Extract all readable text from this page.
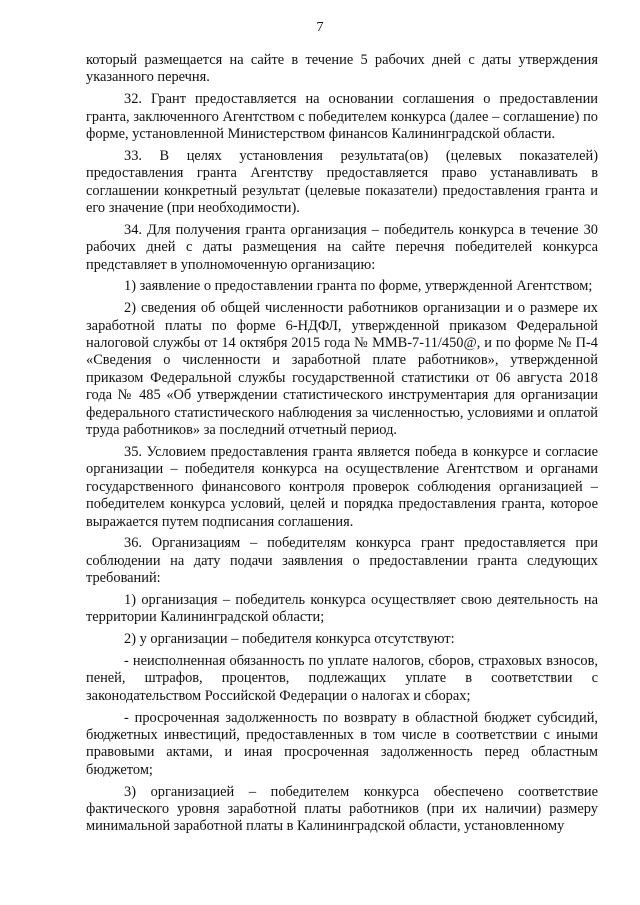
7

который размещается на сайте в течение 5 рабочих дней с даты утверждения указанного перечня.

32. Грант предоставляется на основании соглашения о предоставлении гранта, заключенного Агентством с победителем конкурса (далее – соглашение) по форме, установленной Министерством финансов Калининградской области.

33. В целях установления результата(ов) (целевых показателей) предоставления гранта Агентству предоставляется право устанавливать в соглашении конкретный результат (целевые показатели) предоставления гранта и его значение (при необходимости).

34. Для получения гранта организация – победитель конкурса в течение 30 рабочих дней с даты размещения на сайте перечня победителей конкурса представляет в уполномоченную организацию:

1) заявление о предоставлении гранта по форме, утвержденной Агентством;

2) сведения об общей численности работников организации и о размере их заработной платы по форме 6-НДФЛ, утвержденной приказом Федеральной налоговой службы от 14 октября 2015 года № ММВ-7-11/450@, и по форме № П-4 «Сведения о численности и заработной плате работников», утвержденной приказом Федеральной службы государственной статистики от 06 августа 2018 года № 485 «Об утверждении статистического инструментария для организации федерального статистического наблюдения за численностью, условиями и оплатой труда работников» за последний отчетный период.

35. Условием предоставления гранта является победа в конкурсе и согласие организации – победителя конкурса на осуществление Агентством и органами государственного финансового контроля проверок соблюдения организацией – победителем конкурса условий, целей и порядка предоставления гранта, которое выражается путем подписания соглашения.

36. Организациям – победителям конкурса грант предоставляется при соблюдении на дату подачи заявления о предоставлении гранта следующих требований:

1) организация – победитель конкурса осуществляет свою деятельность на территории Калининградской области;

2) у организации – победителя конкурса отсутствуют:

- неисполненная обязанность по уплате налогов, сборов, страховых взносов, пеней, штрафов, процентов, подлежащих уплате в соответствии с законодательством Российской Федерации о налогах и сборах;

- просроченная задолженность по возврату в областной бюджет субсидий, бюджетных инвестиций, предоставленных в том числе в соответствии с иными правовыми актами, и иная просроченная задолженность перед областным бюджетом;

3) организацией – победителем конкурса обеспечено соответствие фактического уровня заработной платы работников (при их наличии) размеру минимальной заработной платы в Калининградской области, установленному
